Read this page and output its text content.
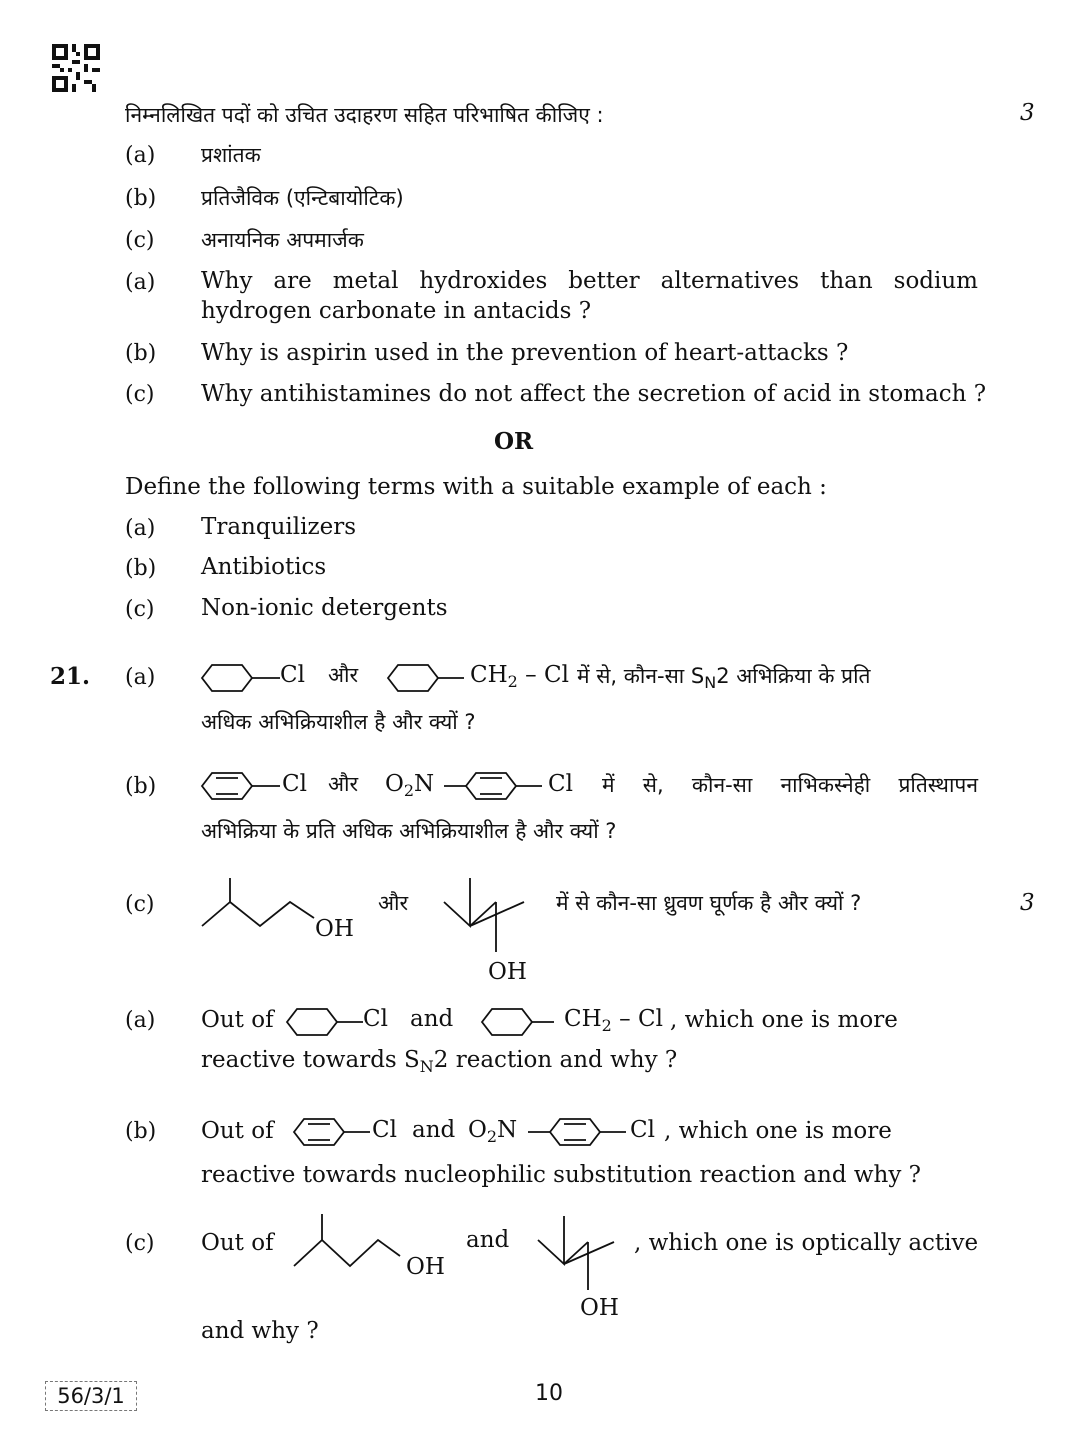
निम्नलिखित पदों को उचित उदाहरण सहित परिभाषित कीजिए :	3
(a) प्रशांतक
(b) प्रतिजैविक (एन्टिबायोटिक)
(c) अनायनिक अपमार्जक
(a) Why are metal hydroxides better alternatives than sodium
hydrogen carbonate in antacids ?
(b) Why is aspirin used in the prevention of heart-attacks ?
(c) Why antihistamines do not affect the secretion of acid in stomach ?
OR
Define the following terms with a suitable example of each :
(a) Tranquilizers
(b) Antibiotics
(c) Non-ionic detergents
21. (a)	Cl और	$CH_2$ – Cl में से, कौन-सा $S_N2$ अभिक्रिया के प्रति
अधिक अभिक्रियाशील है और क्यों ?
(b)	Cl और $O_2N$	Cl में से, कौन-सा नाभिकस्नेही प्रतिस्थापन
अभिक्रिया के प्रति अधिक अभिक्रियाशील है और क्यों ?
(c)
OH
और
OH
में से कौन-सा ध्रुवण घूर्णक है और क्यों ?	3
(a) Out of	Cl and	$CH_2$ – Cl , which one is more
reactive towards $S_N2$ reaction and why ?
(b) Out of	Cl and $O_2N$	Cl , which one is more
reactive towards nucleophilic substitution reaction and why ?
(c) Out of
OH
and
OH
, which one is optically active
and why ?
56/3/1	10
